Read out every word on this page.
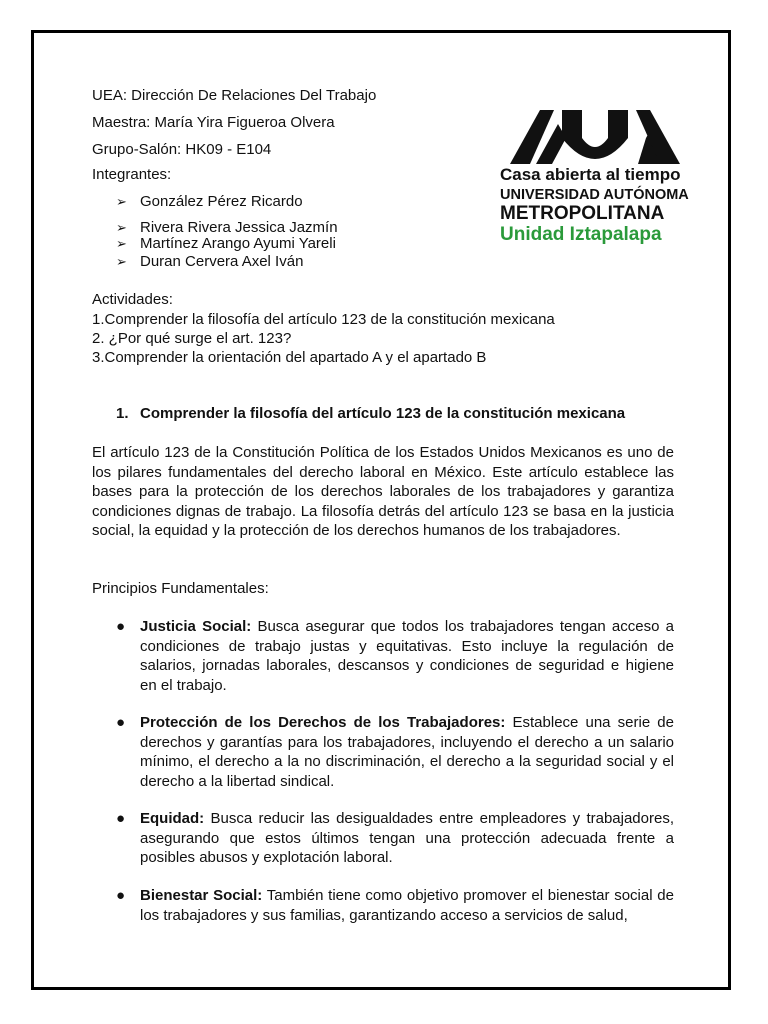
UEA: Dirección De Relaciones Del Trabajo
Maestra: María Yira Figueroa Olvera
Grupo-Salón: HK09 - E104
Integrantes:
➢ González Pérez Ricardo
➢ Rivera Rivera Jessica Jazmín
➢ Martínez Arango Ayumi Yareli
➢ Duran Cervera Axel Iván
Casa abierta al tiempo
UNIVERSIDAD AUTÓNOMA
METROPOLITANA
Unidad Iztapalapa
Actividades:
1.Comprender la filosofía del artículo 123 de la constitución mexicana
2. ¿Por qué surge el art. 123?
3.Comprender la orientación del apartado A y el apartado B
1. Comprender la filosofía del artículo 123 de la constitución mexicana
El artículo 123 de la Constitución Política de los Estados Unidos Mexicanos es uno de los pilares fundamentales del derecho laboral en México. Este artículo establece las bases para la protección de los derechos laborales de los trabajadores y garantiza condiciones dignas de trabajo. La filosofía detrás del artículo 123 se basa en la justicia social, la equidad y la protección de los derechos humanos de los trabajadores.
Principios Fundamentales:
● Justicia Social: Busca asegurar que todos los trabajadores tengan acceso a condiciones de trabajo justas y equitativas. Esto incluye la regulación de salarios, jornadas laborales, descansos y condiciones de seguridad e higiene en el trabajo.
● Protección de los Derechos de los Trabajadores: Establece una serie de derechos y garantías para los trabajadores, incluyendo el derecho a un salario mínimo, el derecho a la no discriminación, el derecho a la seguridad social y el derecho a la libertad sindical.
● Equidad: Busca reducir las desigualdades entre empleadores y trabajadores, asegurando que estos últimos tengan una protección adecuada frente a posibles abusos y explotación laboral.
● Bienestar Social: También tiene como objetivo promover el bienestar social de los trabajadores y sus familias, garantizando acceso a servicios de salud,
